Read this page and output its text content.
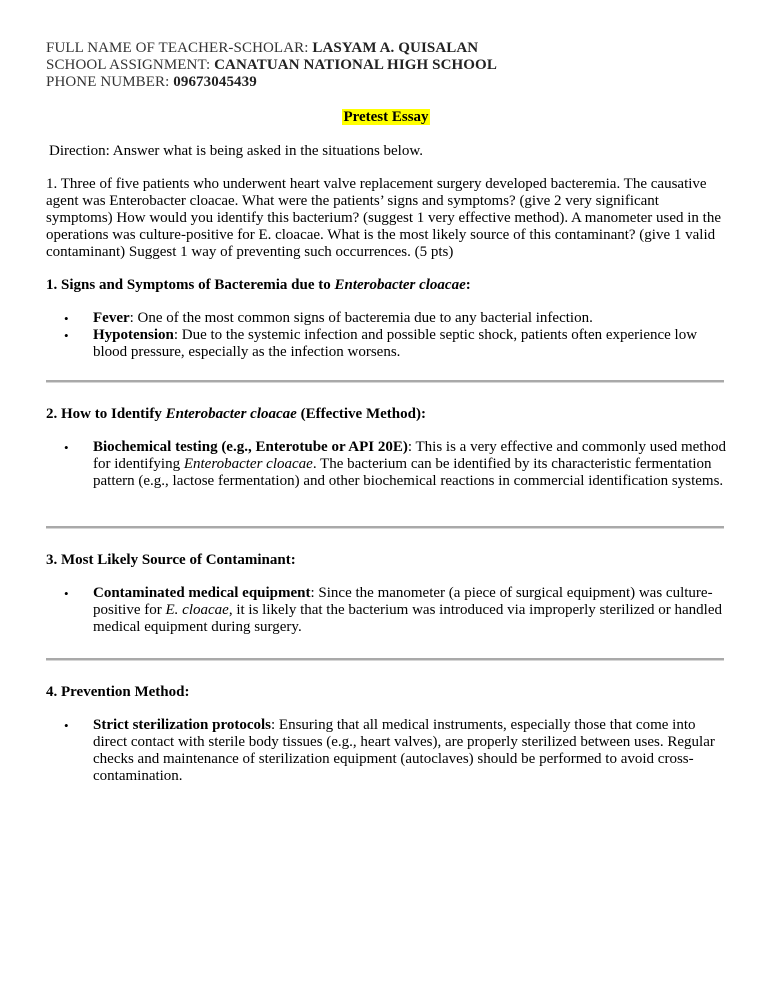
FULL NAME OF TEACHER-SCHOLAR: LASYAM A. QUISALAN
SCHOOL ASSIGNMENT: CANATUAN NATIONAL HIGH SCHOOL
PHONE NUMBER: 09673045439
Pretest Essay

Direction: Answer what is being asked in the situations below.

1. Three of five patients who underwent heart valve replacement surgery developed bacteremia. The causative agent was Enterobacter cloacae. What were the patients’ signs and symptoms? (give 2 very significant symptoms) How would you identify this bacterium? (suggest 1 very effective method). A manometer used in the operations was culture-positive for E. cloacae. What is the most likely source of this contaminant? (give 1 valid contaminant) Suggest 1 way of preventing such occurrences. (5 pts)

1. Signs and Symptoms of Bacteremia due to Enterobacter cloacae:
• Fever: One of the most common signs of bacteremia due to any bacterial infection.
• Hypotension: Due to the systemic infection and possible septic shock, patients often experience low blood pressure, especially as the infection worsens.
2. How to Identify Enterobacter cloacae (Effective Method):
• Biochemical testing (e.g., Enterotube or API 20E): This is a very effective and commonly used method for identifying Enterobacter cloacae. The bacterium can be identified by its characteristic fermentation pattern (e.g., lactose fermentation) and other biochemical reactions in commercial identification systems.
3. Most Likely Source of Contaminant:
• Contaminated medical equipment: Since the manometer (a piece of surgical equipment) was culture-positive for E. cloacae, it is likely that the bacterium was introduced via improperly sterilized or handled medical equipment during surgery.
4. Prevention Method:
• Strict sterilization protocols: Ensuring that all medical instruments, especially those that come into direct contact with sterile body tissues (e.g., heart valves), are properly sterilized between uses. Regular checks and maintenance of sterilization equipment (autoclaves) should be performed to avoid cross-contamination.
